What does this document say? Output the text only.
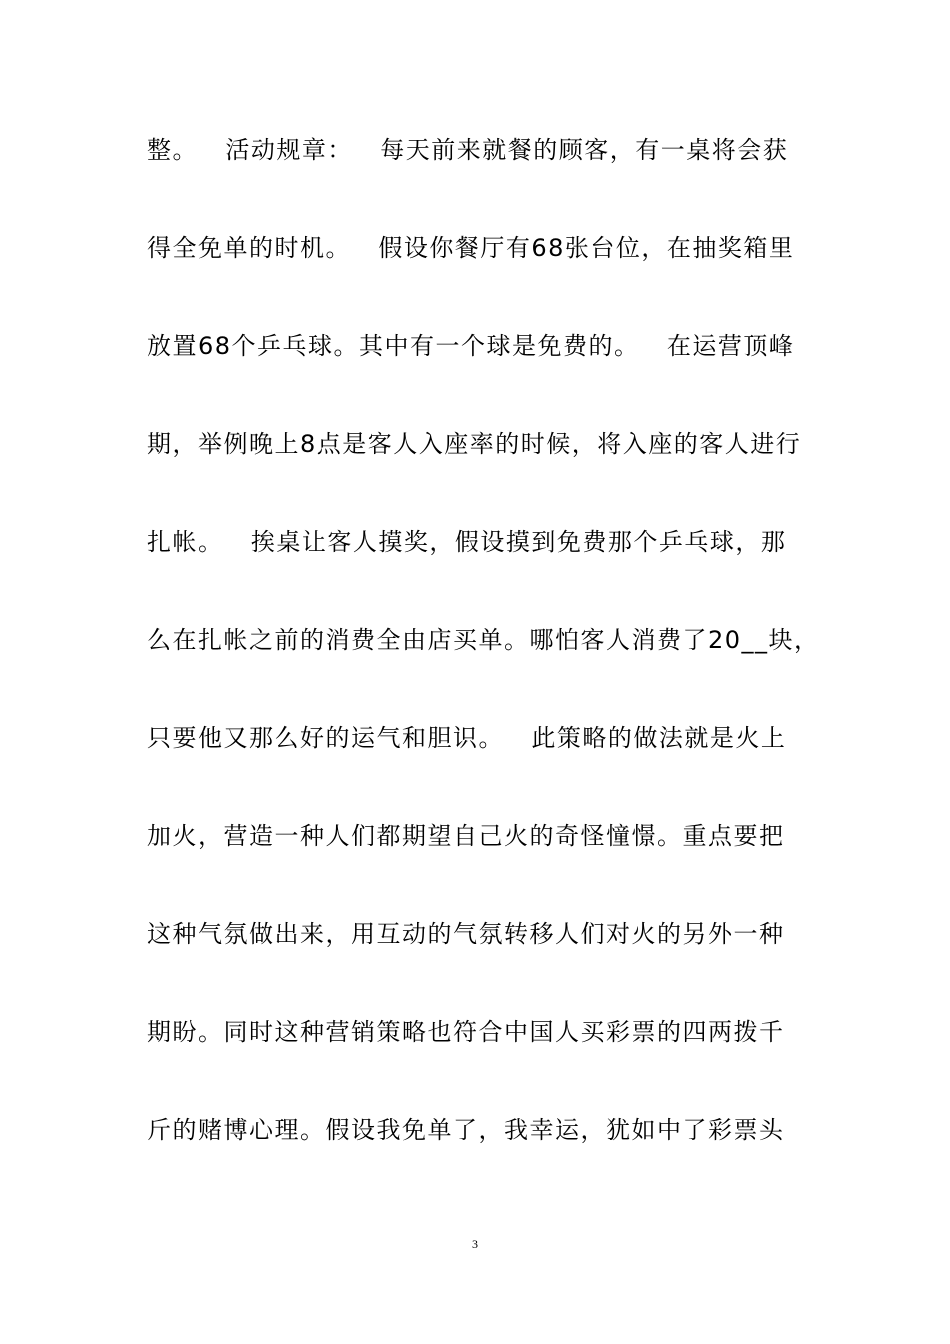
整。   活动规章：   每天前来就餐的顾客，有一桌将会获
得全免单的时机。   假设你餐厅有68张台位，在抽奖箱里
放置68个乒乓球。其中有一个球是免费的。   在运营顶峰
期，举例晚上8点是客人入座率的时候，将入座的客人进行
扎帐。   挨桌让客人摸奖，假设摸到免费那个乒乓球，那
么在扎帐之前的消费全由店买单。哪怕客人消费了20__块，
只要他又那么好的运气和胆识。   此策略的做法就是火上
加火，营造一种人们都期望自己火的奇怪憧憬。重点要把
这种气氛做出来，用互动的气氛转移人们对火的另外一种
期盼。同时这种营销策略也符合中国人买彩票的四两拨千
斤的赌博心理。假设我免单了，我幸运，犹如中了彩票头
3
